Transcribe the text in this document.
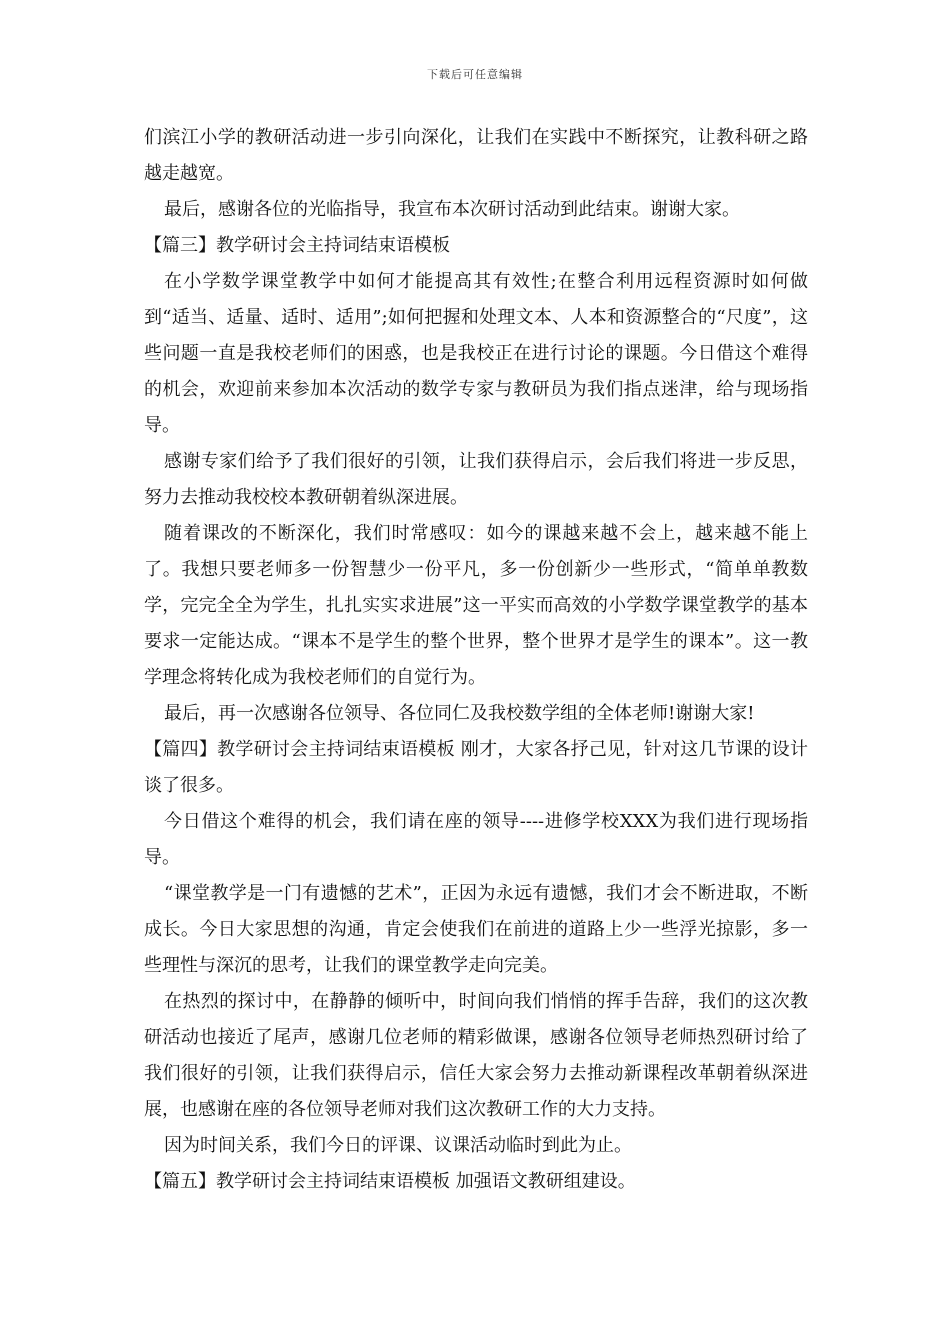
下载后可任意编辑

们滨江小学的教研活动进一步引向深化，让我们在实践中不断探究，让教科研之路越走越宽。

最后，感谢各位的光临指导，我宣布本次研讨活动到此结束。谢谢大家。

【篇三】教学研讨会主持词结束语模板

在小学数学课堂教学中如何才能提高其有效性;在整合利用远程资源时如何做到“适当、适量、适时、适用”;如何把握和处理文本、人本和资源整合的“尺度”，这些问题一直是我校老师们的困惑，也是我校正在进行讨论的课题。今日借这个难得的机会，欢迎前来参加本次活动的数学专家与教研员为我们指点迷津，给与现场指导。

感谢专家们给予了我们很好的引领，让我们获得启示，会后我们将进一步反思，努力去推动我校校本教研朝着纵深进展。

随着课改的不断深化，我们时常感叹：如今的课越来越不会上，越来越不能上了。我想只要老师多一份智慧少一份平凡，多一份创新少一些形式，“简单单教数学，完完全全为学生，扎扎实实求进展”这一平实而高效的小学数学课堂教学的基本要求一定能达成。“课本不是学生的整个世界，整个世界才是学生的课本”。这一教学理念将转化成为我校老师们的自觉行为。

最后，再一次感谢各位领导、各位同仁及我校数学组的全体老师!谢谢大家!

【篇四】教学研讨会主持词结束语模板 刚才，大家各抒己见，针对这几节课的设计谈了很多。

今日借这个难得的机会，我们请在座的领导----进修学校XXX为我们进行现场指导。

“课堂教学是一门有遗憾的艺术”，正因为永远有遗憾，我们才会不断进取，不断成长。今日大家思想的沟通，肯定会使我们在前进的道路上少一些浮光掠影，多一些理性与深沉的思考，让我们的课堂教学走向完美。

在热烈的探讨中，在静静的倾听中，时间向我们悄悄的挥手告辞，我们的这次教研活动也接近了尾声，感谢几位老师的精彩做课，感谢各位领导老师热烈研讨给了我们很好的引领，让我们获得启示，信任大家会努力去推动新课程改革朝着纵深进展，也感谢在座的各位领导老师对我们这次教研工作的大力支持。

因为时间关系，我们今日的评课、议课活动临时到此为止。

【篇五】教学研讨会主持词结束语模板 加强语文教研组建设。
